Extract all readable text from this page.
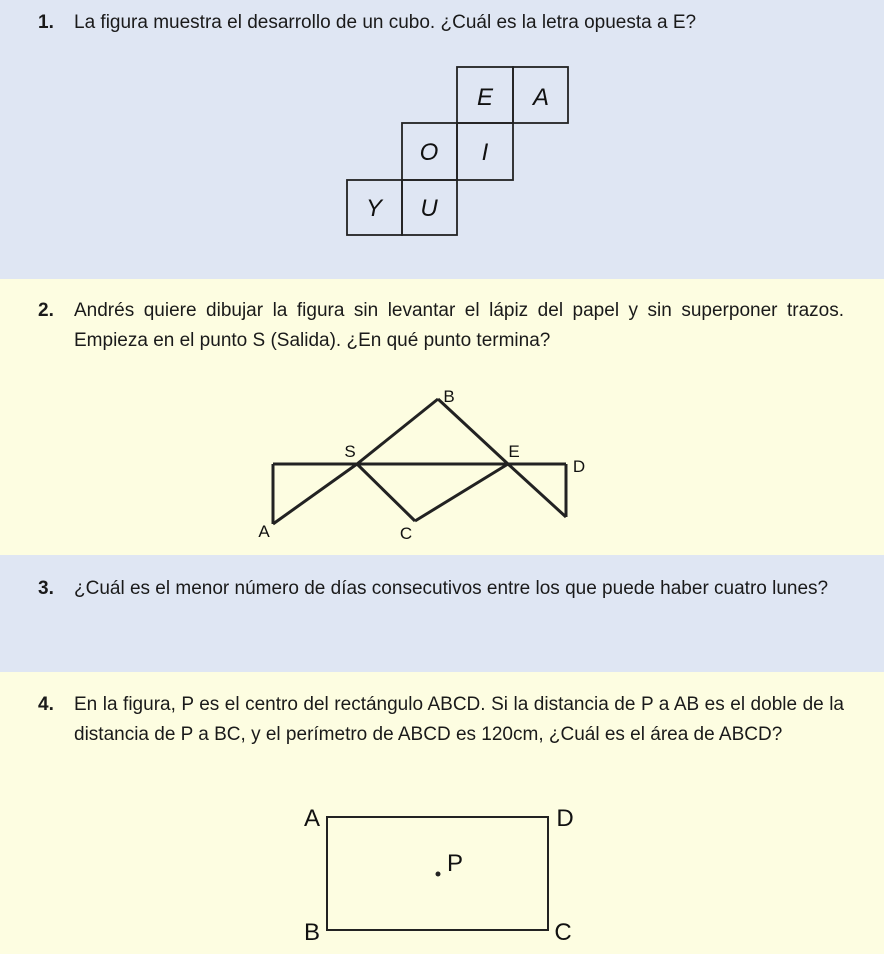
1. La figura muestra el desarrollo de un cubo. ¿Cuál es la letra opuesta a E?
E A
O I
Y U
2. Andrés quiere dibujar la figura sin levantar el lápiz del papel y sin superponer trazos. Empieza en el punto S (Salida). ¿En qué punto termina?
B
S	E
D
A	C
3. ¿Cuál es el menor número de días consecutivos entre los que puede haber cuatro lunes?
4. En la figura, P es el centro del rectángulo ABCD. Si la distancia de P a AB es el doble de la distancia de P a BC, y el perímetro de ABCD es 120cm, ¿Cuál es el área de ABCD?
A	D
B	C
P
